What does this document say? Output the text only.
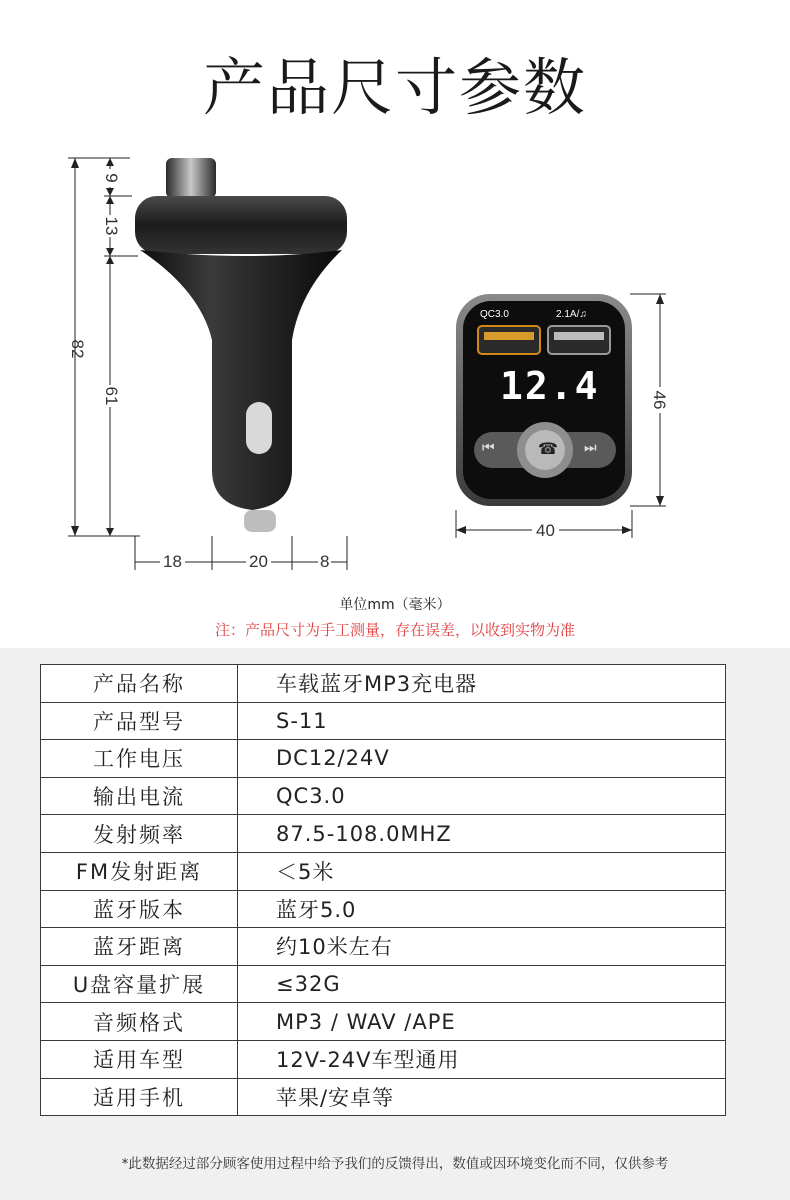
产品尺寸参数
82
9
13
61
18	20	8
46
40
QC3.0	2.1A/♫
12.4
⏮	☎ ⏭
单位mm（毫米）
注：产品尺寸为手工测量，存在误差，以收到实物为准
产品名称	车载蓝牙MP3充电器
产品型号	S-11
工作电压	DC12/24V
输出电流	QC3.0
发射频率	87.5-108.0MHZ
FM发射距离	＜5米
蓝牙版本	蓝牙5.0
蓝牙距离	约10米左右
U盘容量扩展	≤32G
音频格式	MP3 / WAV /APE
适用车型	12V-24V车型通用
适用手机	苹果/安卓等
*此数据经过部分顾客使用过程中给予我们的反馈得出，数值或因环境变化而不同，仅供参考
